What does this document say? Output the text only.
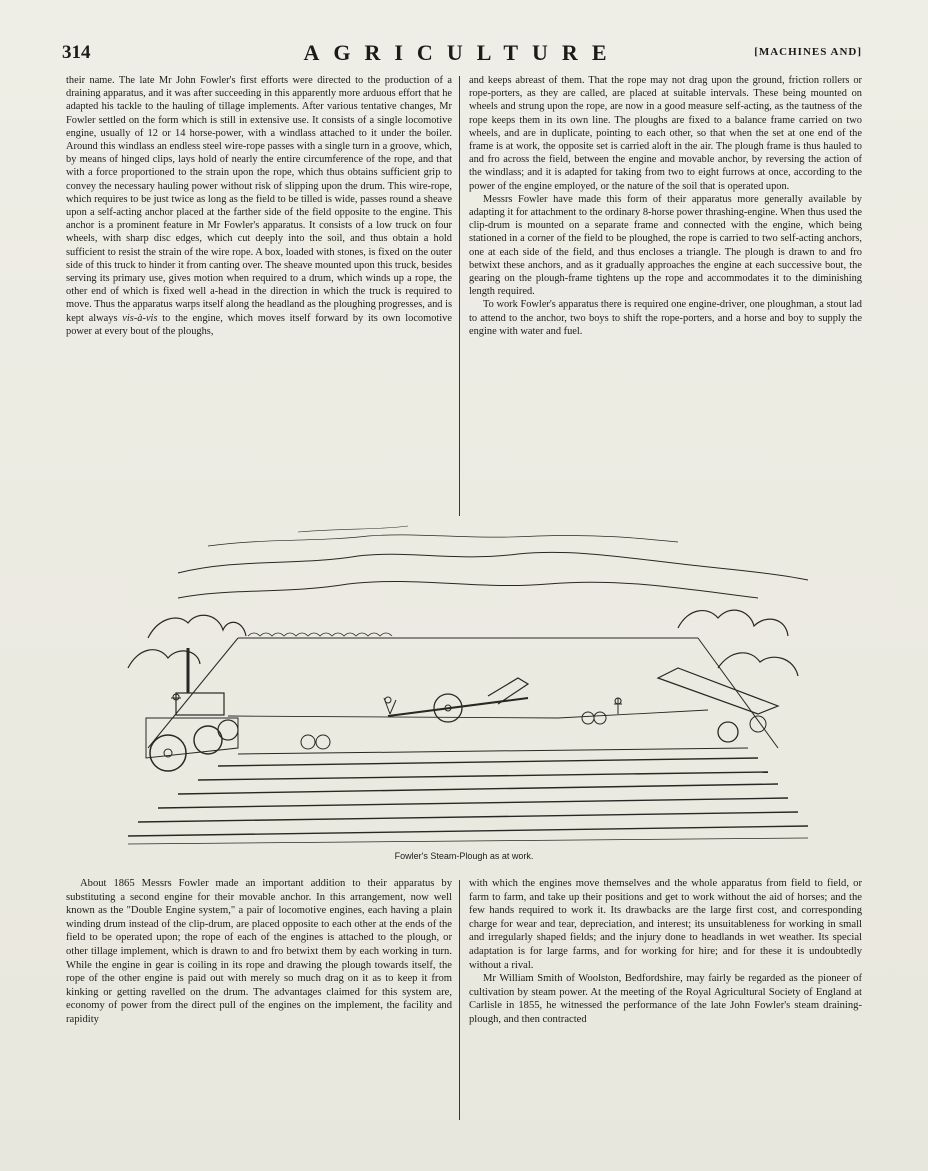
314	AGRICULTURE	[MACHINES AND]

their name. The late Mr John Fowler's first efforts were directed to the production of a draining apparatus, and it was after succeeding in this apparently more arduous effort that he adapted his tackle to the hauling of tillage implements. After various tentative changes, Mr Fowler settled on the form which is still in extensive use. It consists of a single locomotive engine, usually of 12 or 14 horse-power, with a windlass attached to it under the boiler. Around this windlass an endless steel wire-rope passes with a single turn in a groove, which, by means of hinged clips, lays hold of nearly the entire circumference of the rope, and that with a force proportioned to the strain upon the rope, which thus obtains sufficient grip to convey the necessary hauling power without risk of slipping upon the drum. This wire-rope, which requires to be just twice as long as the field to be tilled is wide, passes round a sheave upon a self-acting anchor placed at the farther side of the field opposite to the engine. This anchor is a prominent feature in Mr Fowler's apparatus. It consists of a low truck on four wheels, with sharp disc edges, which cut deeply into the soil, and thus obtain a hold sufficient to resist the strain of the wire rope. A box, loaded with stones, is fixed on the outer side of this truck to hinder it from canting over. The sheave mounted upon this truck, besides serving its primary use, gives motion when required to a drum, which winds up a rope, the other end of which is fixed well a-head in the direction in which the truck is required to move. Thus the apparatus warps itself along the headland as the ploughing progresses, and is kept always vis-à-vis to the engine, which moves itself forward by its own locomotive power at every bout of the ploughs,

and keeps abreast of them. That the rope may not drag upon the ground, friction rollers or rope-porters, as they are called, are placed at suitable intervals. These being mounted on wheels and strung upon the rope, are now in a good measure self-acting, as the tautness of the rope keeps them in its own line. The ploughs are fixed to a balance frame carried on two wheels, and are in duplicate, pointing to each other, so that when the set at one end of the frame is at work, the opposite set is carried aloft in the air. The plough frame is thus hauled to and fro across the field, between the engine and movable anchor, by reversing the action of the windlass; and it is adapted for taking from two to eight furrows at once, according to the power of the engine employed, or the nature of the soil that is operated upon.

Messrs Fowler have made this form of their apparatus more generally available by adapting it for attachment to the ordinary 8-horse power thrashing-engine. When thus used the clip-drum is mounted on a separate frame and connected with the engine, which being stationed in a corner of the field to be ploughed, the rope is carried to two self-acting anchors, one at each side of the field, and thus encloses a triangle. The plough is drawn to and fro betwixt these anchors, and as it gradually approaches the engine at each successive bout, the gearing on the plough-frame tightens up the rope and accommodates it to the diminishing length required.

To work Fowler's apparatus there is required one engine-driver, one ploughman, a stout lad to attend to the anchor, two boys to shift the rope-porters, and a horse and boy to supply the engine with water and fuel.

Fowler's Steam-Plough as at work.

About 1865 Messrs Fowler made an important addition to their apparatus by substituting a second engine for their movable anchor. In this arrangement, now well known as the "Double Engine system," a pair of locomotive engines, each having a plain winding drum instead of the clip-drum, are placed opposite to each other at the ends of the field to be operated upon; the rope of each of the engines is attached to the plough, or other tillage implement, which is drawn to and fro betwixt them by each working in turn. While the engine in gear is coiling in its rope and drawing the plough towards itself, the rope of the other engine is paid out with merely so much drag on it as to keep it from kinking or getting ravelled on the drum. The advantages claimed for this system are, economy of power from the direct pull of the engines on the implement, the facility and rapidity

with which the engines move themselves and the whole apparatus from field to field, or farm to farm, and take up their positions and get to work without the aid of horses; and the few hands required to work it. Its drawbacks are the large first cost, and corresponding charge for wear and tear, depreciation, and interest; its unsuitableness for working in small and irregularly shaped fields; and the injury done to headlands in wet weather. Its special adaptation is for large farms, and for working for hire; and for these it is undoubtedly without a rival.

Mr William Smith of Woolston, Bedfordshire, may fairly be regarded as the pioneer of cultivation by steam power. At the meeting of the Royal Agricultural Society of England at Carlisle in 1855, he witnessed the performance of the late John Fowler's steam draining-plough, and then contracted
